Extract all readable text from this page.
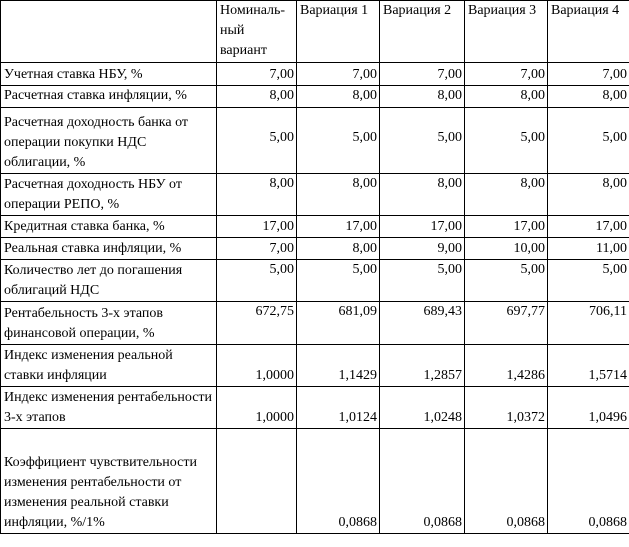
	Номиналь-ный вариант	Вариация 1	Вариация 2	Вариация 3	Вариация 4
Учетная ставка НБУ, %	7,00	7,00	7,00	7,00	7,00
Расчетная ставка инфляции, %	8,00	8,00	8,00	8,00	8,00
Расчетная доходность банка от операции покупки НДС облигации, %	5,00	5,00	5,00	5,00	5,00
Расчетная доходность НБУ от операции РЕПО, %	8,00	8,00	8,00	8,00	8,00
Кредитная ставка банка, %	17,00	17,00	17,00	17,00	17,00
Реальная ставка инфляции, %	7,00	8,00	9,00	10,00	11,00
Количество лет до погашения облигаций НДС	5,00	5,00	5,00	5,00	5,00
Рентабельность 3-х этапов финансовой операции, %	672,75	681,09	689,43	697,77	706,11
Индекс изменения реальной ставки инфляции	1,0000	1,1429	1,2857	1,4286	1,5714
Индекс изменения рентабельности 3-х этапов	1,0000	1,0124	1,0248	1,0372	1,0496
Коэффициент чувствительности изменения рентабельности от изменения реальной ставки инфляции, %/1%		0,0868	0,0868	0,0868	0,0868
